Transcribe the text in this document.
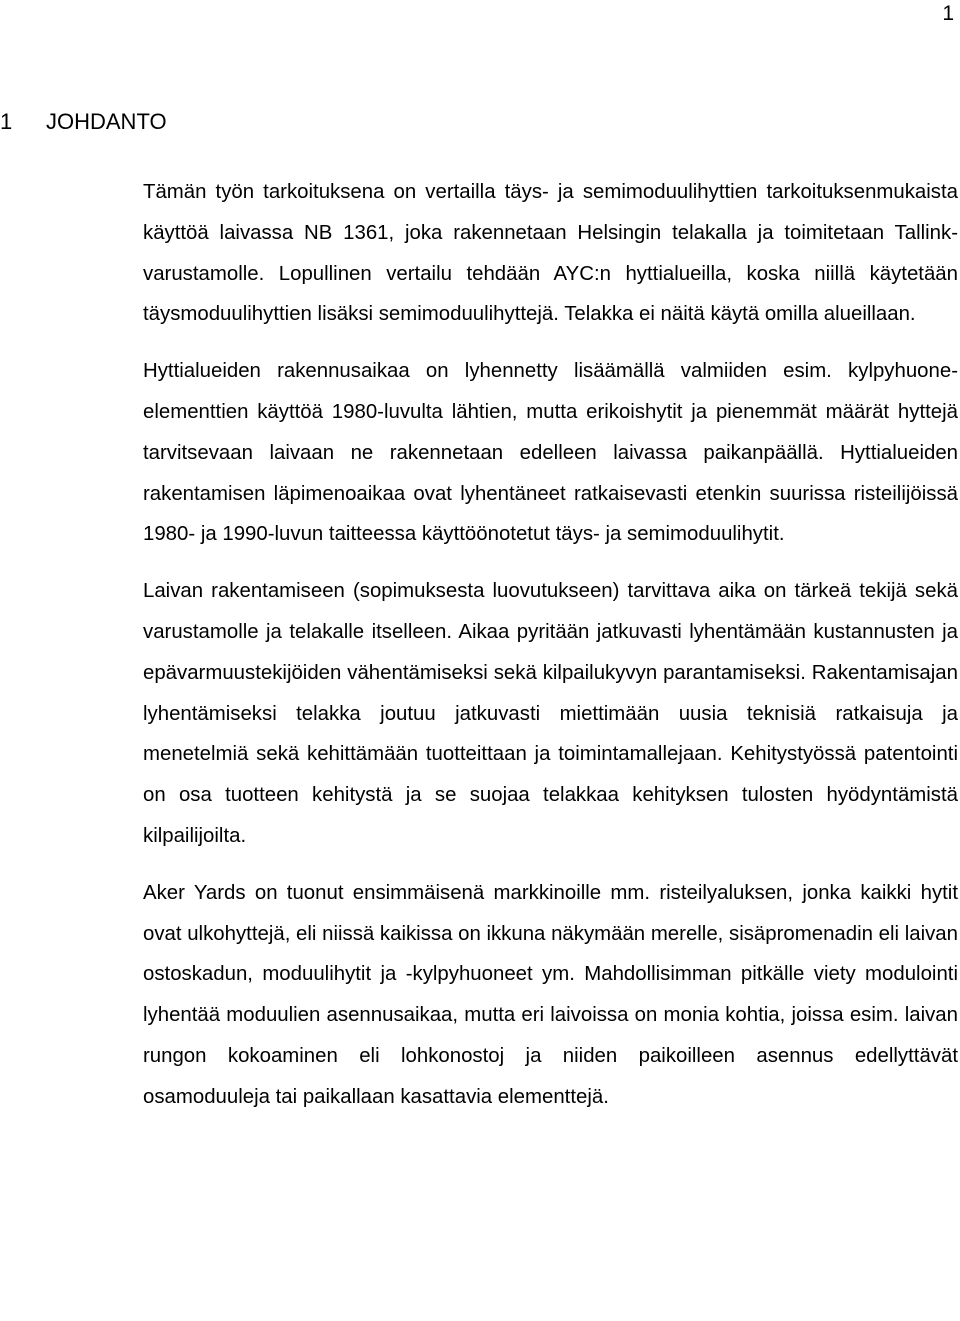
1
1 JOHDANTO

Tämän työn tarkoituksena on vertailla täys- ja semimoduulihyttien tarkoituksenmukaista käyttöä laivassa NB 1361, joka rakennetaan Helsingin telakalla ja toimitetaan Tallink-varustamolle. Lopullinen vertailu tehdään AYC:n hyttialueilla, koska niillä käytetään täysmoduulihyttien lisäksi semimoduulihyttejä. Telakka ei näitä käytä omilla alueillaan.

Hyttialueiden rakennusaikaa on lyhennetty lisäämällä valmiiden esim. kylpyhuone-elementtien käyttöä 1980-luvulta lähtien, mutta erikoishytit ja pienemmät määrät hyttejä tarvitsevaan laivaan ne rakennetaan edelleen laivassa paikanpäällä. Hyttialueiden rakentamisen läpimenoaikaa ovat lyhentäneet ratkaisevasti etenkin suurissa risteilijöissä 1980- ja 1990-luvun taitteessa käyttöönotetut täys- ja semimoduulihytit.

Laivan rakentamiseen (sopimuksesta luovutukseen) tarvittava aika on tärkeä tekijä sekä varustamolle ja telakalle itselleen. Aikaa pyritään jatkuvasti lyhentämään kustannusten ja epävarmuustekijöiden vähentämiseksi sekä kilpailukyvyn parantamiseksi. Rakentamisajan lyhentämiseksi telakka joutuu jatkuvasti miettimään uusia teknisiä ratkaisuja ja menetelmiä sekä kehittämään tuotteittaan ja toimintamallejaan. Kehitystyössä patentointi on osa tuotteen kehitystä ja se suojaa telakkaa kehityksen tulosten hyödyntämistä kilpailijoilta.

Aker Yards on tuonut ensimmäisenä markkinoille mm. risteilyaluksen, jonka kaikki hytit ovat ulkohyttejä, eli niissä kaikissa on ikkuna näkymään merelle, sisäpromenadin eli laivan ostoskadun, moduulihytit ja -kylpyhuoneet ym. Mahdollisimman pitkälle viety modulointi lyhentää moduulien asennusaikaa, mutta eri laivoissa on monia kohtia, joissa esim. laivan rungon kokoaminen eli lohkonostoj ja niiden paikoilleen asennus edellyttävät osamoduuleja tai paikallaan kasattavia elementtejä.
